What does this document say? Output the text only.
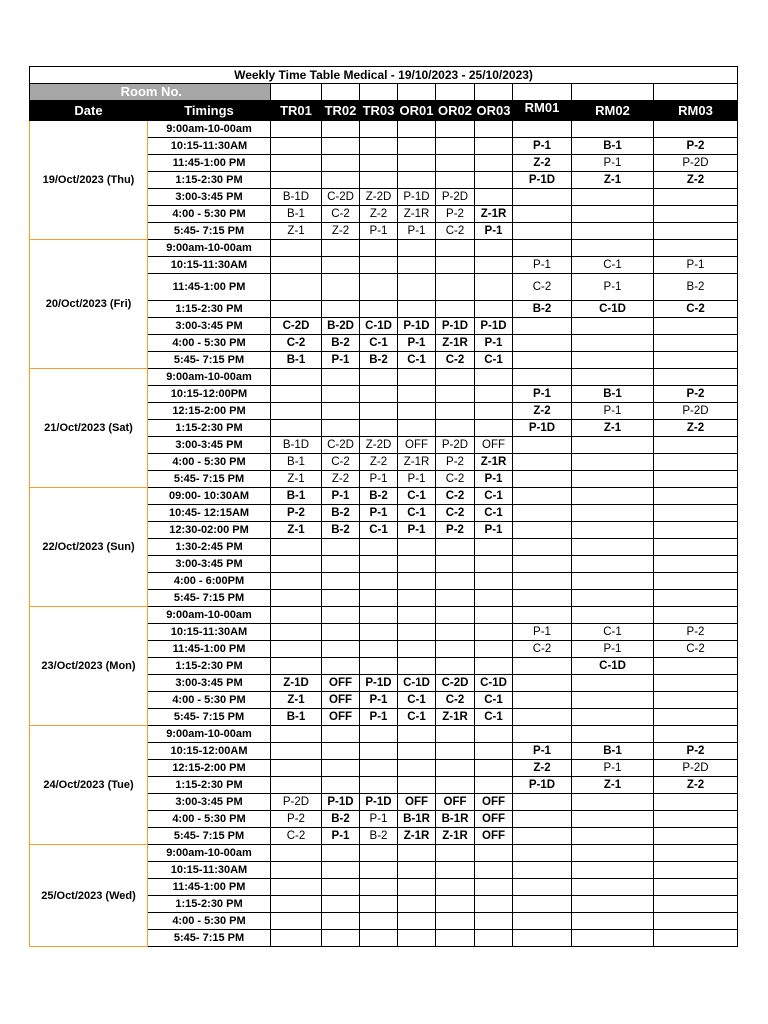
Weekly Time Table Medical - 19/10/2023 - 25/10/2023)										
Room No.										
Date	Timings	TR01	TR02	TR03	OR01	OR02	OR03	RM01	RM02	RM03
19/Oct/2023 (Thu)	9:00am-10-00am									
	10:15-11:30AM							P-1	B-1	P-2
	11:45-1:00 PM							Z-2	P-1	P-2D
	1:15-2:30 PM							P-1D	Z-1	Z-2
	3:00-3:45 PM	B-1D	C-2D	Z-2D	P-1D	P-2D				
	4:00 - 5:30 PM	B-1	C-2	Z-2	Z-1R	P-2	Z-1R			
	5:45- 7:15 PM	Z-1	Z-2	P-1	P-1	C-2	P-1			
20/Oct/2023 (Fri)	9:00am-10-00am									
	10:15-11:30AM							P-1	C-1	P-1
	11:45-1:00 PM							C-2	P-1	B-2
	1:15-2:30 PM							B-2	C-1D	C-2
	3:00-3:45 PM	C-2D	B-2D	C-1D	P-1D	P-1D	P-1D			
	4:00 - 5:30 PM	C-2	B-2	C-1	P-1	Z-1R	P-1			
	5:45- 7:15 PM	B-1	P-1	B-2	C-1	C-2	C-1			
21/Oct/2023 (Sat)	9:00am-10-00am									
	10:15-12:00PM							P-1	B-1	P-2
	12:15-2:00 PM							Z-2	P-1	P-2D
	1:15-2:30 PM							P-1D	Z-1	Z-2
	3:00-3:45 PM	B-1D	C-2D	Z-2D	OFF	P-2D	OFF			
	4:00 - 5:30 PM	B-1	C-2	Z-2	Z-1R	P-2	Z-1R			
	5:45- 7:15 PM	Z-1	Z-2	P-1	P-1	C-2	P-1			
22/Oct/2023 (Sun)	09:00- 10:30AM	B-1	P-1	B-2	C-1	C-2	C-1			
	10:45- 12:15AM	P-2	B-2	P-1	C-1	C-2	C-1			
	12:30-02:00 PM	Z-1	B-2	C-1	P-1	P-2	P-1			
	1:30-2:45 PM									
	3:00-3:45 PM									
	4:00 - 6:00PM									
	5:45- 7:15 PM									
23/Oct/2023 (Mon)	9:00am-10-00am									
	10:15-11:30AM							P-1	C-1	P-2
	11:45-1:00 PM							C-2	P-1	C-2
	1:15-2:30 PM								C-1D	
	3:00-3:45 PM	Z-1D	OFF	P-1D	C-1D	C-2D	C-1D			
	4:00 - 5:30 PM	Z-1	OFF	P-1	C-1	C-2	C-1			
	5:45- 7:15 PM	B-1	OFF	P-1	C-1	Z-1R	C-1			
24/Oct/2023 (Tue)	9:00am-10-00am									
	10:15-12:00AM							P-1	B-1	P-2
	12:15-2:00 PM							Z-2	P-1	P-2D
	1:15-2:30 PM							P-1D	Z-1	Z-2
	3:00-3:45 PM	P-2D	P-1D	P-1D	OFF	OFF	OFF			
	4:00 - 5:30 PM	P-2	B-2	P-1	B-1R	B-1R	OFF			
	5:45- 7:15 PM	C-2	P-1	B-2	Z-1R	Z-1R	OFF			
25/Oct/2023 (Wed)	9:00am-10-00am									
	10:15-11:30AM									
	11:45-1:00 PM									
	1:15-2:30 PM									
	4:00 - 5:30 PM									
	5:45- 7:15 PM									
